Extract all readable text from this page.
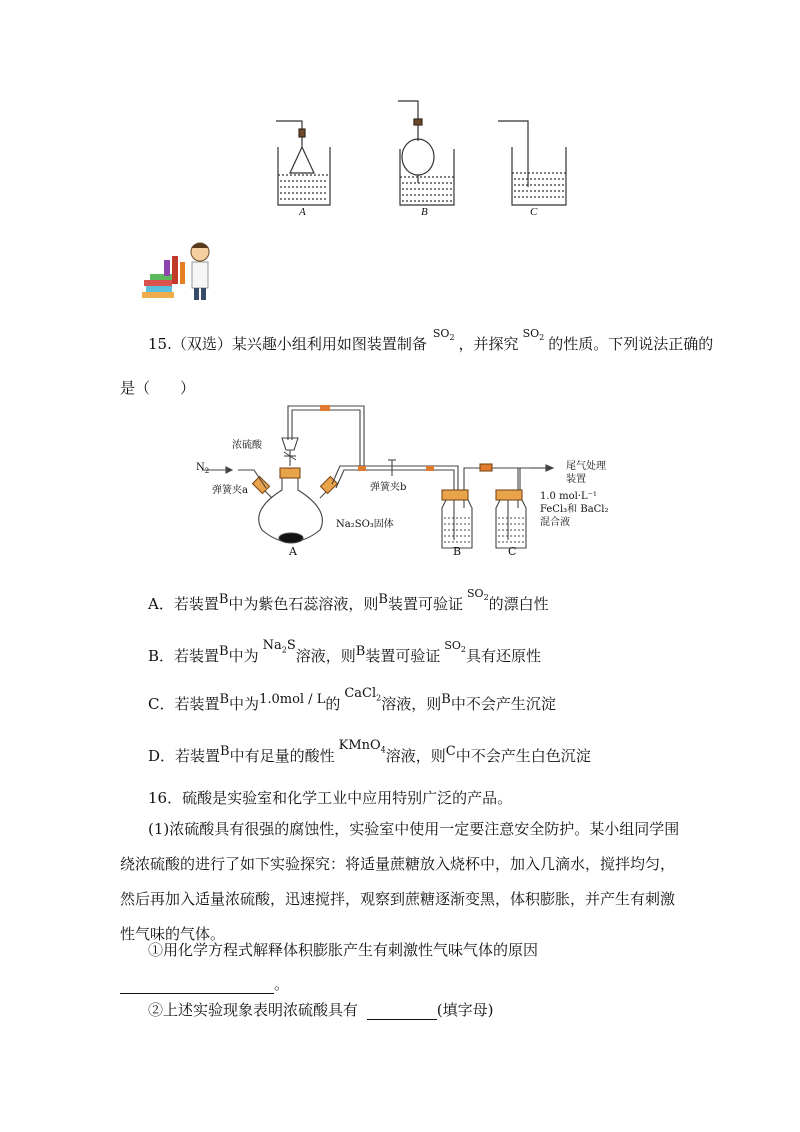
A	B	C
15.（双选）某兴趣小组利用如图装置制备$^{SO_2}$ ，并探究$^{SO_2}$ 的性质。下列说法正确的
是（　　）
浓硫酸
$N_2$
弹簧夹a	弹簧夹b
Na₂SO₃固体
尾气处理装置
1.0 mol·L⁻¹ FeCl₃和 BaCl₂混合液
A	B	C
A．若装置B中为紫色石蕊溶液，则B装置可验证$^{SO_2}$的漂白性
B．若装置B中为$Na_2S$溶液，则B装置可验证$^{SO_2}$具有还原性
C．若装置B中为1.0mol / L的CaCl$_2$溶液，则B中不会产生沉淀
D．若装置B中有足量的酸性KMnO$_4$溶液，则C中不会产生白色沉淀
16．硫酸是实验室和化学工业中应用特别广泛的产品。
(1)浓硫酸具有很强的腐蚀性，实验室中使用一定要注意安全防护。某小组同学围绕浓硫酸的进行了如下实验探究：将适量蔗糖放入烧杯中，加入几滴水，搅拌均匀，然后再加入适量浓硫酸，迅速搅拌，观察到蔗糖逐渐变黑，体积膨胀，并产生有刺激性气味的气体。
①用化学方程式解释体积膨胀产生有刺激性气味气体的原因
。
②上述实验现象表明浓硫酸具有	(填字母)
